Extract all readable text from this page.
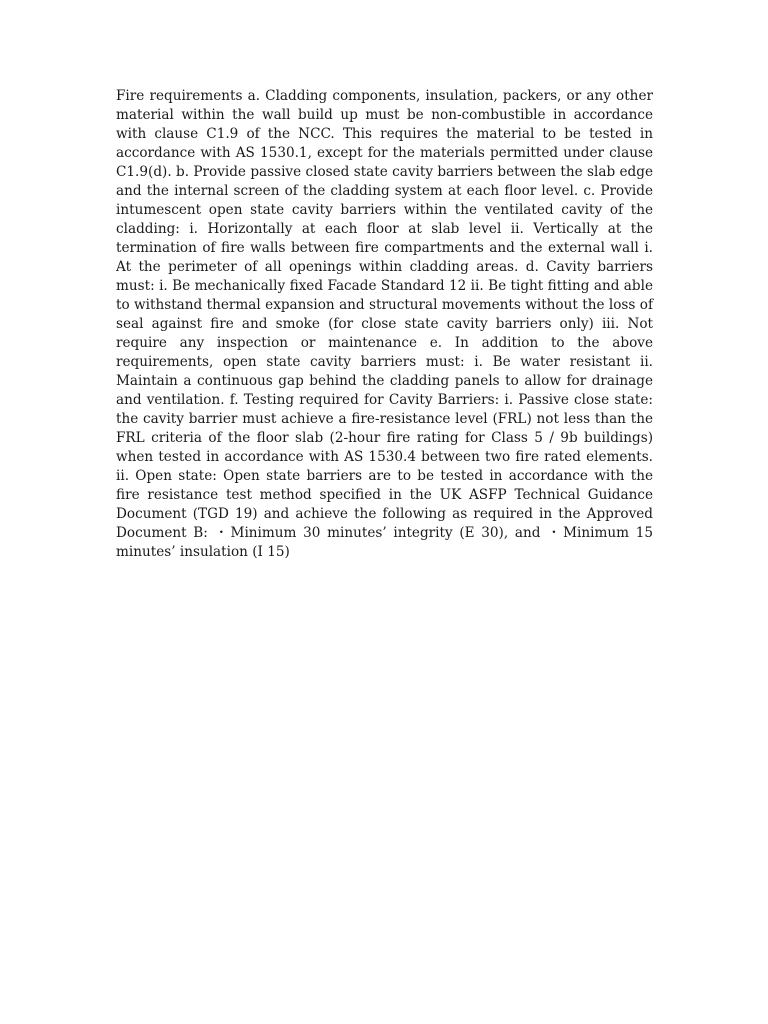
Fire requirements a. Cladding components, insulation, packers, or any other material within the wall build up must be non-combustible in accordance with clause C1.9 of the NCC. This requires the material to be tested in accordance with AS 1530.1, except for the materials permitted under clause C1.9(d). b. Provide passive closed state cavity barriers between the slab edge and the internal screen of the cladding system at each floor level. c. Provide intumescent open state cavity barriers within the ventilated cavity of the cladding: i. Horizontally at each floor at slab level ii. Vertically at the termination of fire walls between fire compartments and the external wall i. At the perimeter of all openings within cladding areas. d. Cavity barriers must: i. Be mechanically fixed Facade Standard 12 ii. Be tight fitting and able to withstand thermal expansion and structural movements without the loss of seal against fire and smoke (for close state cavity barriers only) iii. Not require any inspection or maintenance e. In addition to the above requirements, open state cavity barriers must: i. Be water resistant ii. Maintain a continuous gap behind the cladding panels to allow for drainage and ventilation. f. Testing required for Cavity Barriers: i. Passive close state: the cavity barrier must achieve a fire-resistance level (FRL) not less than the FRL criteria of the floor slab (2-hour fire rating for Class 5 / 9b buildings) when tested in accordance with AS 1530.4 between two fire rated elements. ii. Open state: Open state barriers are to be tested in accordance with the fire resistance test method specified in the UK ASFP Technical Guidance Document (TGD 19) and achieve the following as required in the Approved Document B: ・Minimum 30 minutes’ integrity (E 30), and ・Minimum 15 minutes’ insulation (I 15)
